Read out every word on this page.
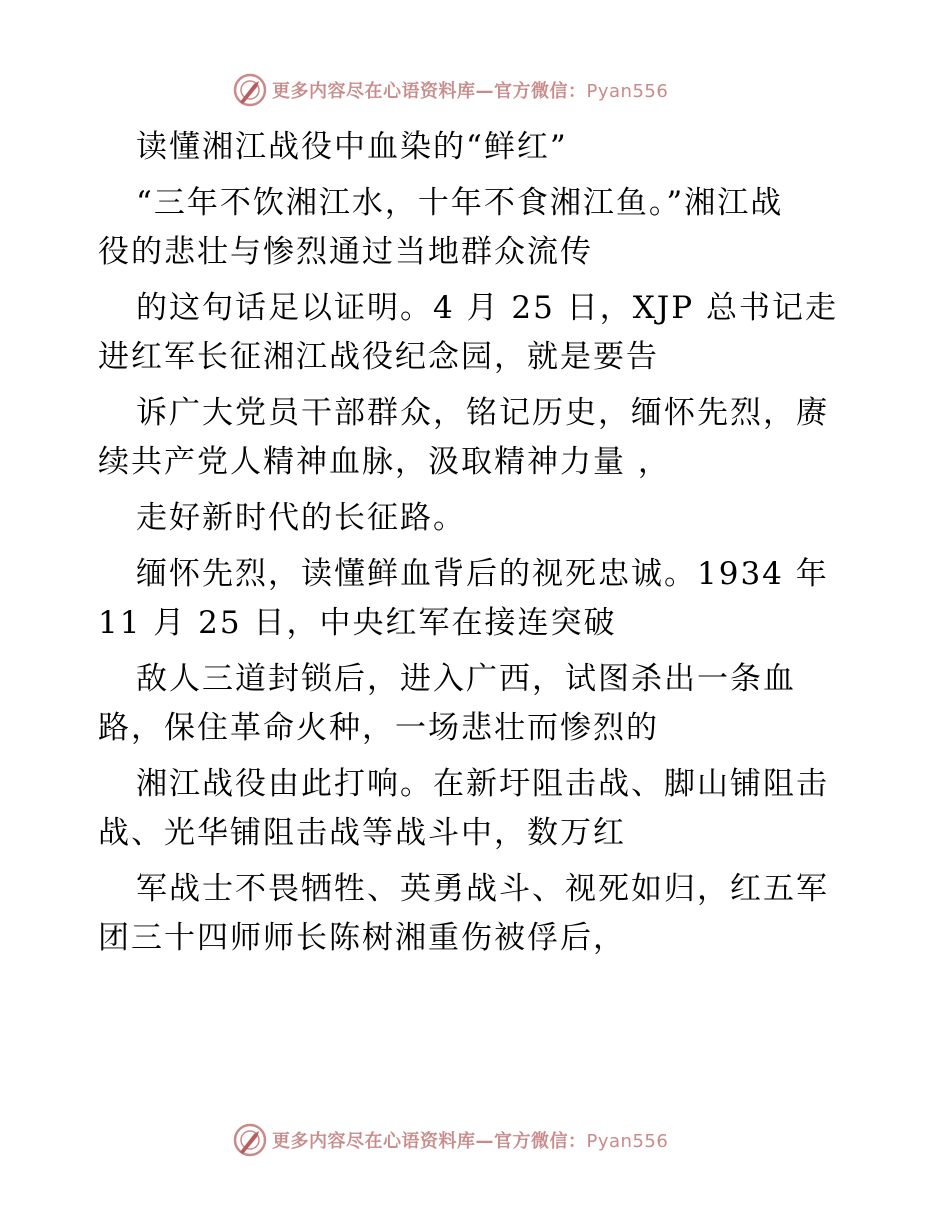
更多内容尽在心语资料库—官方微信：Pyan556
读懂湘江战役中血染的“鲜红”
“三年不饮湘江水，十年不食湘江鱼。”湘江战
役的悲壮与惨烈通过当地群众流传
的这句话足以证明。4 月 25 日，XJP 总书记走
进红军长征湘江战役纪念园，就是要告
诉广大党员干部群众，铭记历史，缅怀先烈，赓
续共产党人精神血脉，汲取精神力量 ，
走好新时代的长征路。
缅怀先烈，读懂鲜血背后的视死忠诚。1934 年
11 月 25 日，中央红军在接连突破
敌人三道封锁后，进入广西，试图杀出一条血
路，保住革命火种，一场悲壮而惨烈的
湘江战役由此打响。在新圩阻击战、脚山铺阻击
战、光华铺阻击战等战斗中，数万红
军战士不畏牺牲、英勇战斗、视死如归，红五军
团三十四师师长陈树湘重伤被俘后，
更多内容尽在心语资料库—官方微信：Pyan556
